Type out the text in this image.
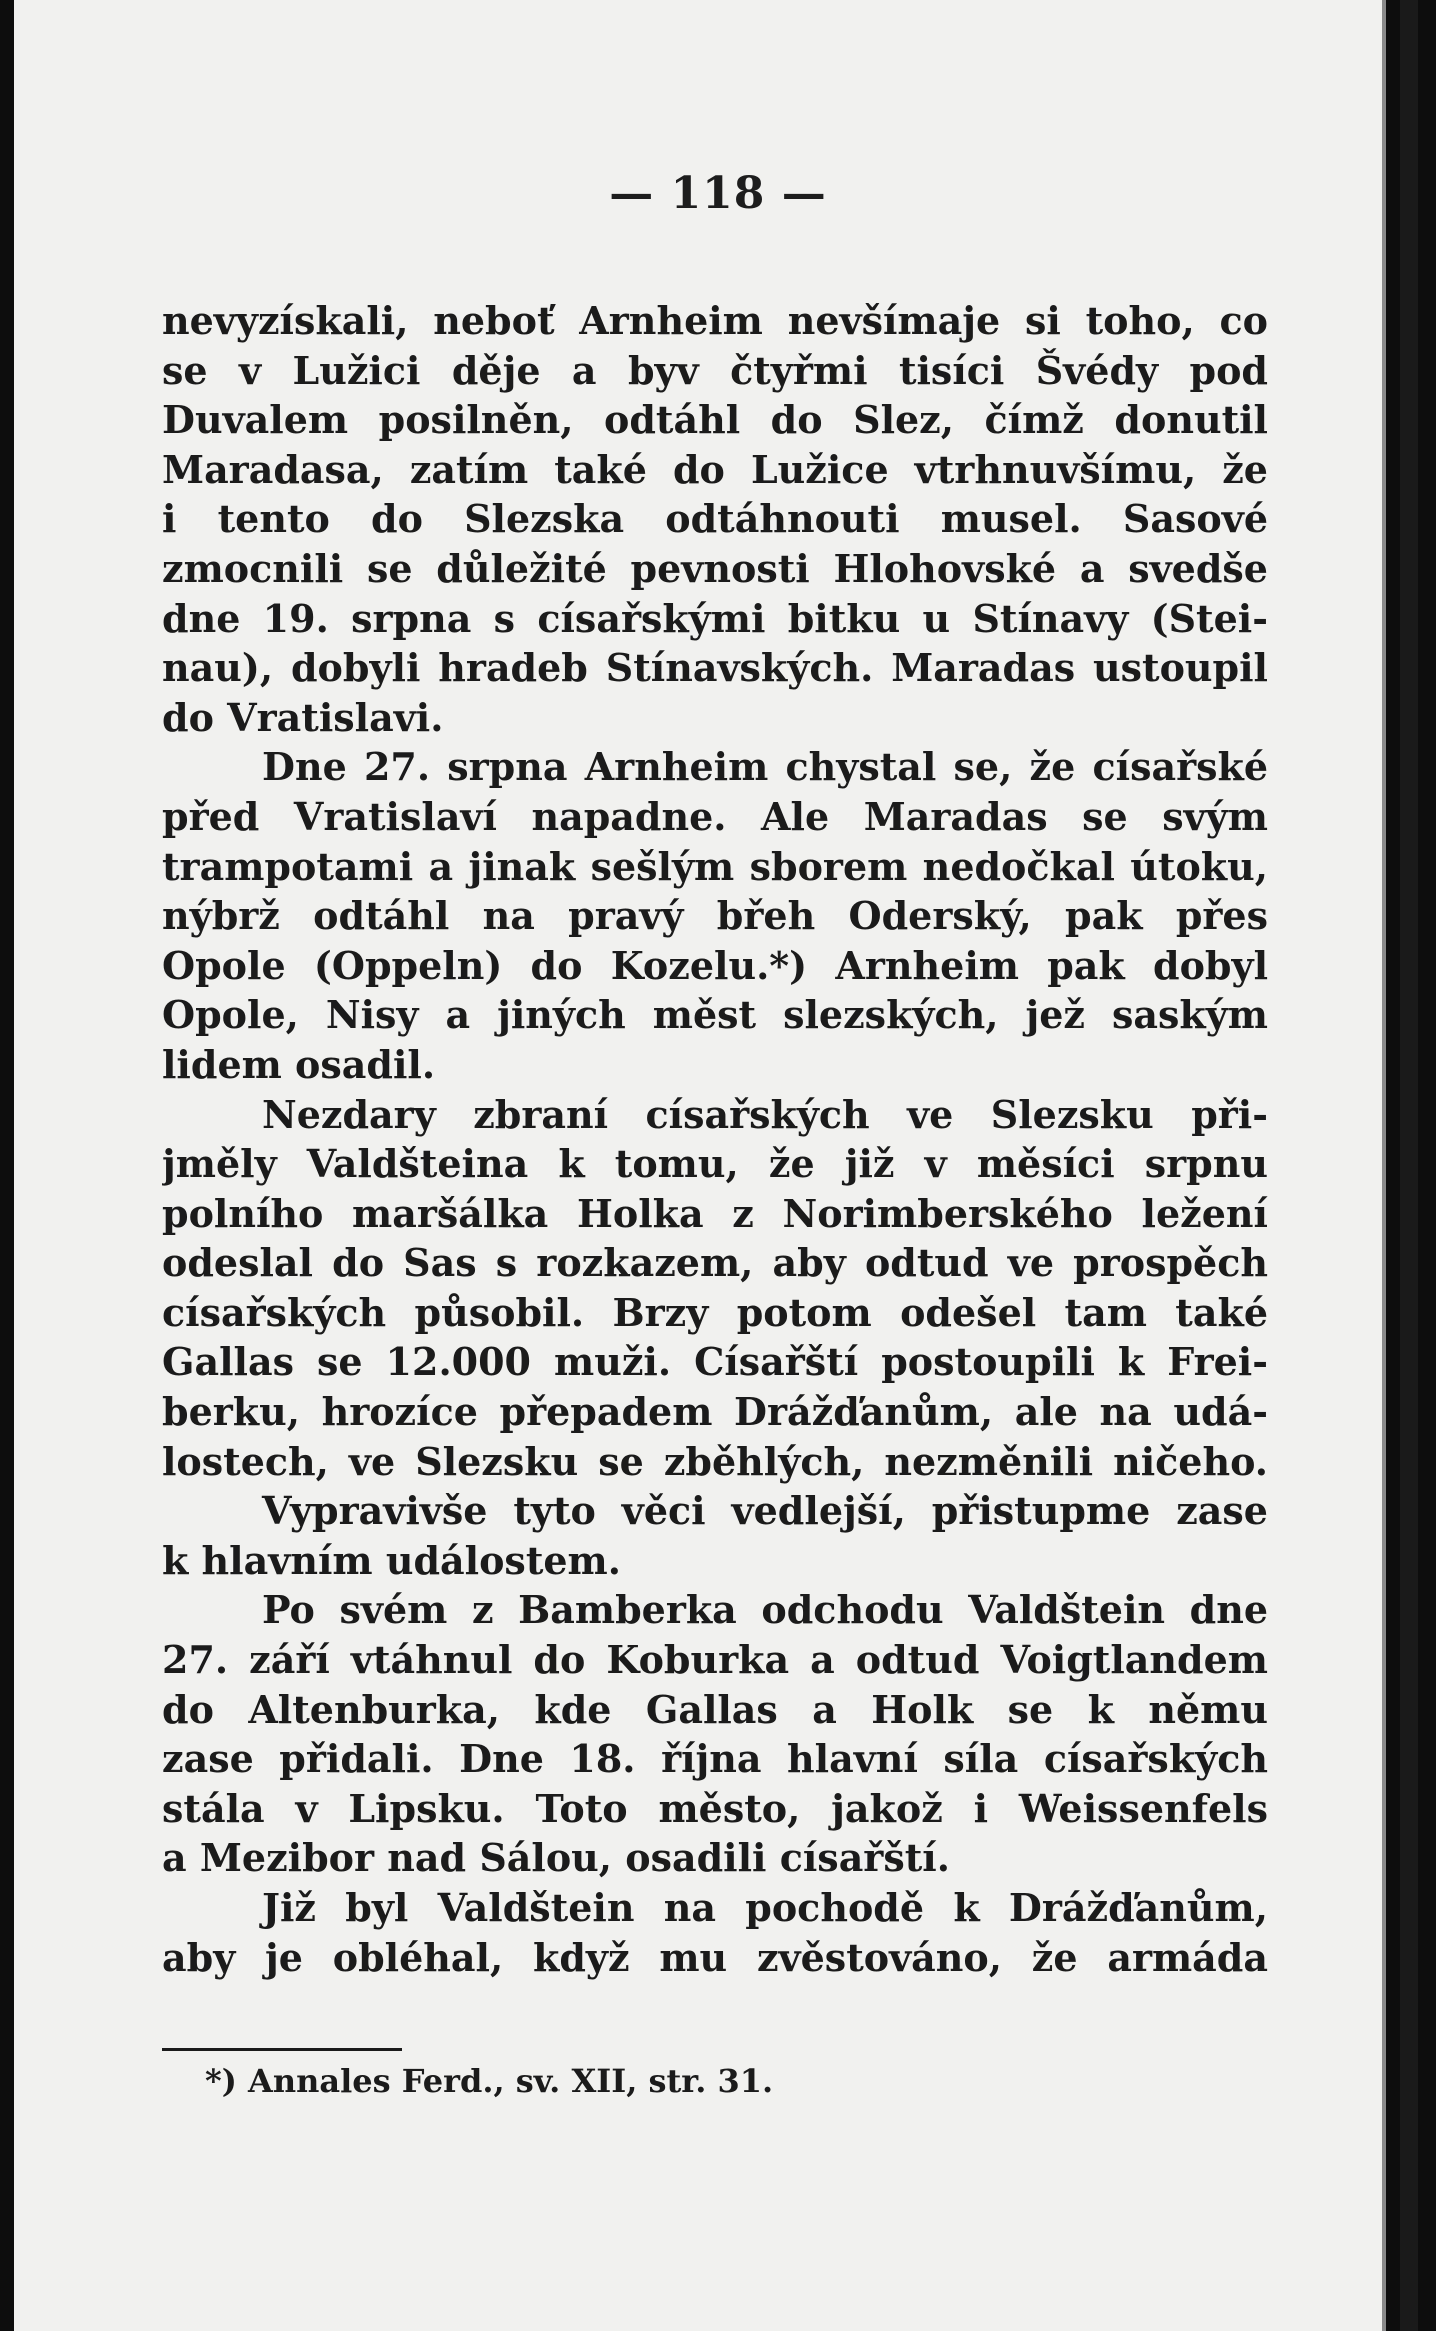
— 118 —
nevyzískali, neboť Arnheim nevšímaje si toho, co
se v Lužici děje a byv čtyřmi tisíci Švédy pod
Duvalem posilněn, odtáhl do Slez, čímž donutil
Maradasa, zatím také do Lužice vtrhnuvšímu, že
i tento do Slezska odtáhnouti musel. Sasové
zmocnili se důležité pevnosti Hlohovské a svedše
dne 19. srpna s císařskými bitku u Stínavy (Stei-
nau), dobyli hradeb Stínavských. Maradas ustoupil
do Vratislavi.
Dne 27. srpna Arnheim chystal se, že císařské
před Vratislaví napadne. Ale Maradas se svým
trampotami a jinak sešlým sborem nedočkal útoku,
nýbrž odtáhl na pravý břeh Oderský, pak přes
Opole (Oppeln) do Kozelu.*) Arnheim pak dobyl
Opole, Nisy a jiných měst slezských, jež saským
lidem osadil.
Nezdary zbraní císařských ve Slezsku při-
jměly Valdšteina k tomu, že již v měsíci srpnu
polního maršálka Holka z Norimberského ležení
odeslal do Sas s rozkazem, aby odtud ve prospěch
císařských působil. Brzy potom odešel tam také
Gallas se 12.000 muži. Císařští postoupili k Frei-
berku, hrozíce přepadem Drážďanům, ale na udá-
lostech, ve Slezsku se zběhlých, nezměnili ničeho.
Vypravivše tyto věci vedlejší, přistupme zase
k hlavním událostem.
Po svém z Bamberka odchodu Valdštein dne
27. září vtáhnul do Koburka a odtud Voigtlandem
do Altenburka, kde Gallas a Holk se k němu
zase přidali. Dne 18. října hlavní síla císařských
stála v Lipsku. Toto město, jakož i Weissenfels
a Mezibor nad Sálou, osadili císařští.
Již byl Valdštein na pochodě k Drážďanům,
aby je obléhal, když mu zvěstováno, že armáda
*) Annales Ferd., sv. XII, str. 31.
